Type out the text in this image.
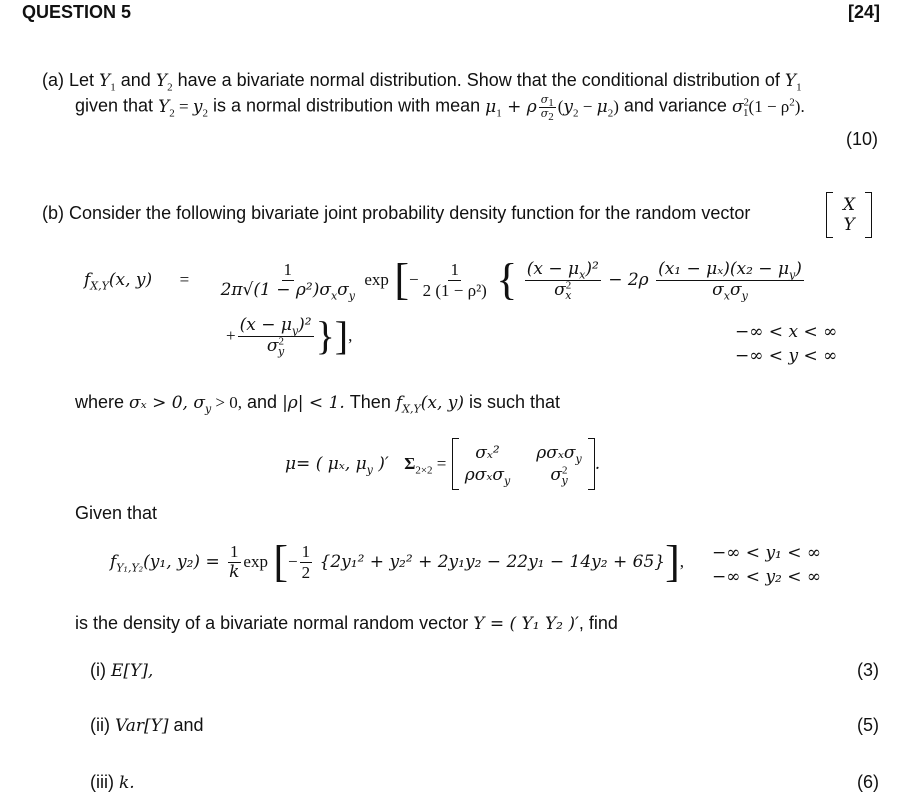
QUESTION 5	[24]
(a) Let $Y_1$ and $Y_2$ have a bivariate normal distribution. Show that the conditional distribution of $Y_1$
given that $Y_2 = y_2$ is a normal distribution with mean $\mu_1 + \rho \frac{\sigma_1}{\sigma_2} (y_2 - \mu_2)$ and variance $\sigma^2_1(1 - \rho^2)$.
(10)
(b) Consider the following bivariate joint probability density function for the random vector	X
Y
$f_{X,Y}(x$, $y) = \frac{1}{2\pi√(1 - \rho^2)\sigma_x\sigma_y}$ exp [− $\frac{1}{\text{2 (1 − ρ²)}}$ { $\frac{(x - \mu_x)^2}{\sigma^2_x} - 2\rho \frac{(x_1 - \mu_x)(x_2 - \mu_y)}{\sigma_x\sigma_y}$
+ $\frac{(x - \mu_y)^2}{\sigma^2_y}$ }],	−∞ < x < ∞
−∞ < y < ∞
where σₓ > 0, $\sigma_y > 0$, and |ρ| < 1. Then $f_{X,Y}(x$, y) is such that
μ= ( μₓ, $\mu_y$ )′ $\Sigma_{2\times 2}$ =
σₓ²	ρσₓσ$_y$
ρσₓσ$_y$	$\sigma^2_y$
.
Given that
$f_{Y_1,Y_2}(y_1$, $y_2) = \frac{1}{k}$ exp [− $\frac{1}{2} \{2y_1^2 + y_2^2 + 2y_1y_2 - 22y_1 - 14y_2 + 65\}$], −∞ < y₁ < ∞
−∞ < y₂ < ∞
is the density of a bivariate normal random vector Y = ( Y₁ Y₂ )′, find
(i) E[Y],	(3)
(ii) Var[Y] and	(5)
(iii) k.	(6)
